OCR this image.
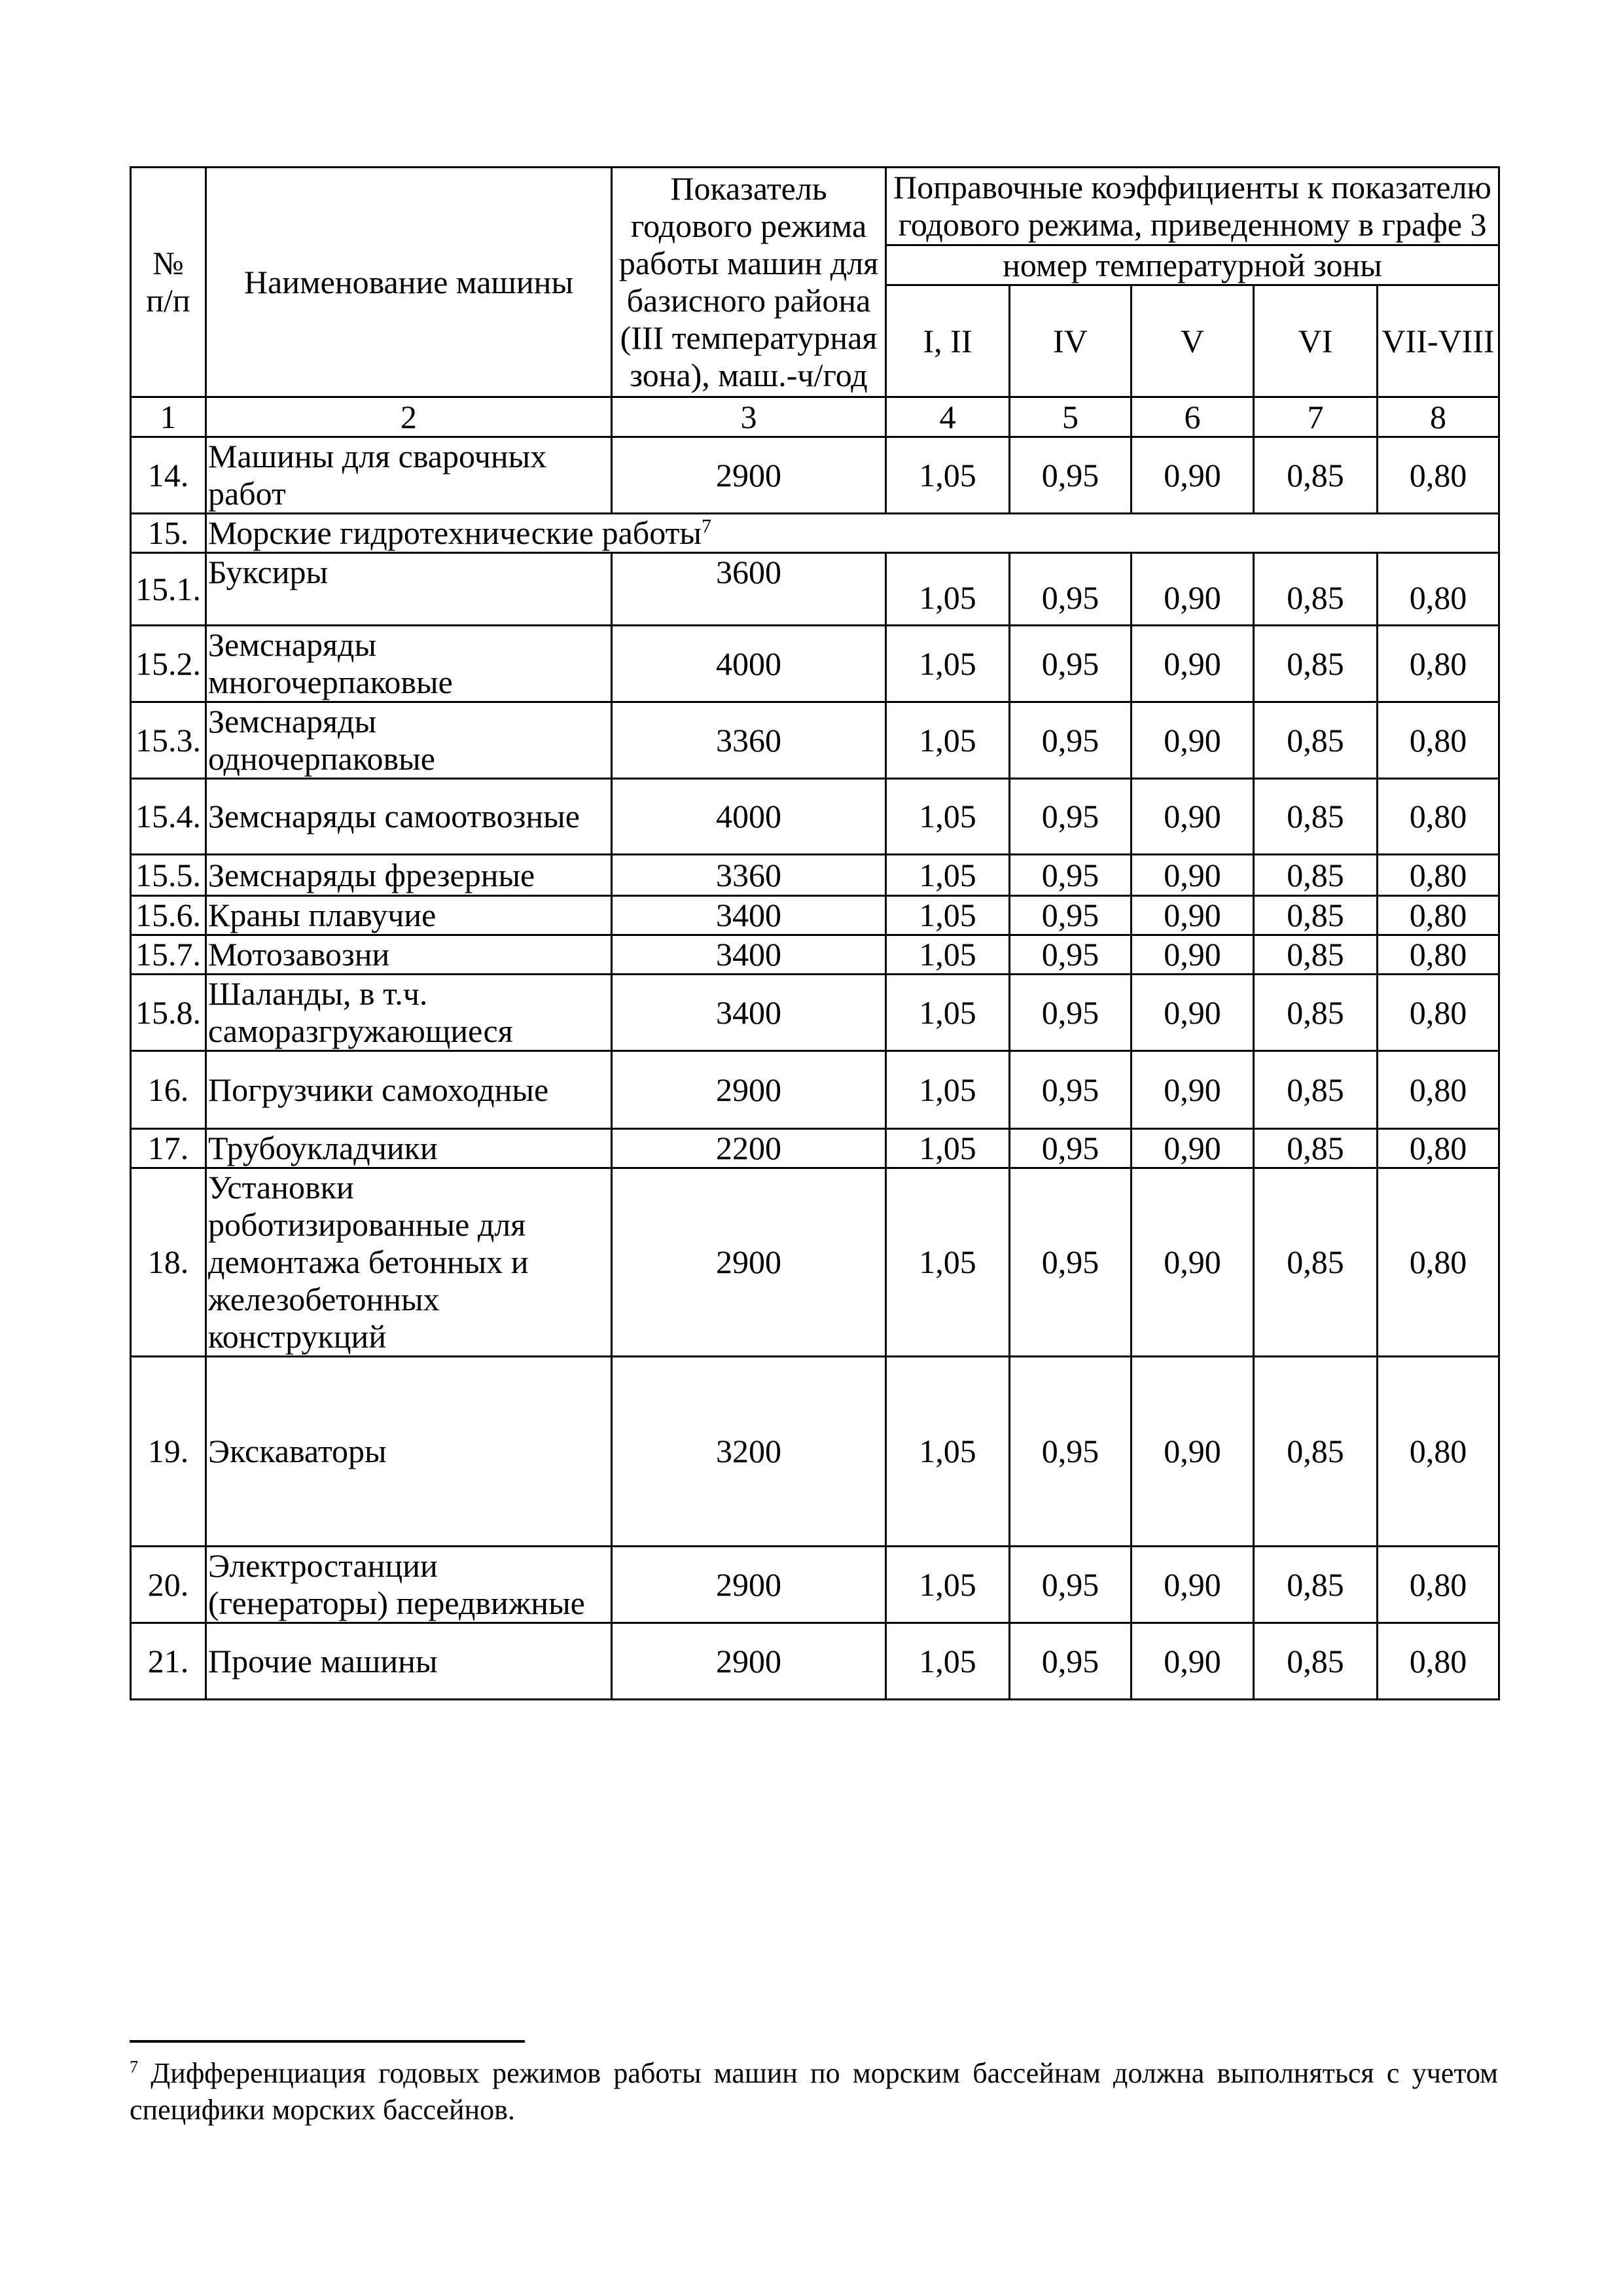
№ п/п	Наименование машины	Показатель годового режима работы машин для базисного района (III температурная зона), маш.-ч/год	Поправочные коэффициенты к показателю годового режима, приведенному в графе 3				
			номер температурной зоны				
			I, II	IV	V	VI	VII-VIII
1	2	3	4	5	6	7	8
14.	Машины для сварочных работ	2900	1,05	0,95	0,90	0,85	0,80
15.	Морские гидротехнические работы$^7$
15.1.	Буксиры	3600	1,05	0,95	0,90	0,85	0,80
15.2.	Земснаряды многочерпаковые	4000	1,05	0,95	0,90	0,85	0,80
15.3.	Земснаряды одночерпаковые	3360	1,05	0,95	0,90	0,85	0,80
15.4.	Земснаряды самоотвозные	4000	1,05	0,95	0,90	0,85	0,80
15.5.	Земснаряды фрезерные	3360	1,05	0,95	0,90	0,85	0,80
15.6.	Краны плавучие	3400	1,05	0,95	0,90	0,85	0,80
15.7.	Мотозавозни	3400	1,05	0,95	0,90	0,85	0,80
15.8.	Шаланды, в т.ч. саморазгружающиеся	3400	1,05	0,95	0,90	0,85	0,80
16.	Погрузчики самоходные	2900	1,05	0,95	0,90	0,85	0,80
17.	Трубоукладчики	2200	1,05	0,95	0,90	0,85	0,80
18.	Установки роботизированные для демонтажа бетонных и железобетонных конструкций	2900	1,05	0,95	0,90	0,85	0,80
19.	Экскаваторы	3200	1,05	0,95	0,90	0,85	0,80
20.	Электростанции (генераторы) передвижные	2900	1,05	0,95	0,90	0,85	0,80
21.	Прочие машины	2900	1,05	0,95	0,90	0,85	0,80
$^7$ Дифференциация годовых режимов работы машин по морским бассейнам должна выполняться с учетом специфики морских бассейнов.
